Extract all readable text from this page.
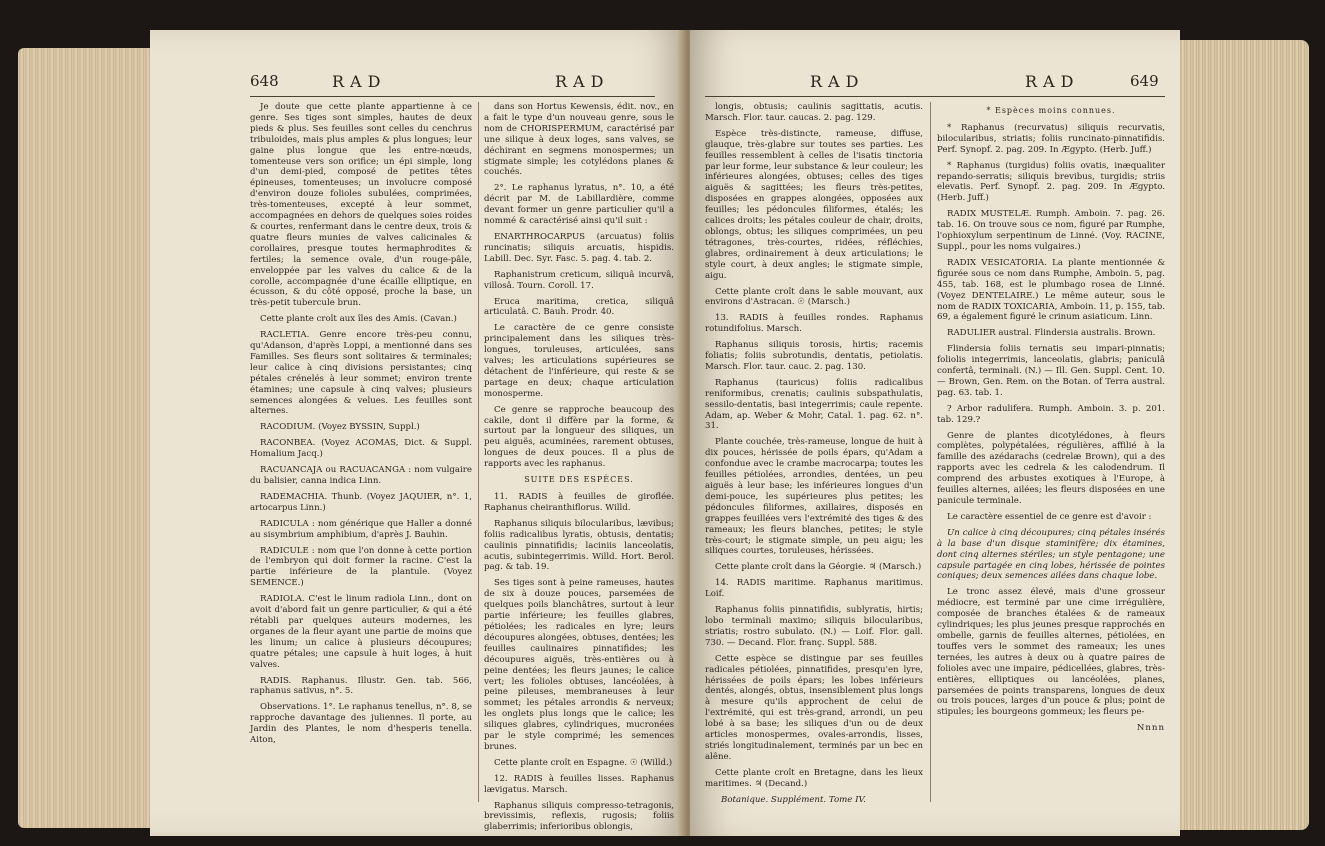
648	RAD	RAD

Je doute que cette plante appartienne à ce genre. Ses tiges sont simples, hautes de deux pieds & plus. Ses feuilles sont celles du cenchrus tribuloides, mais plus amples & plus longues; leur gaine plus longue que les entre-nœuds, tomenteuse vers son orifice; un épi simple, long d'un demi-pied, composé de petites têtes épineuses, tomenteuses; un involucre composé d'environ douze folioles subulées, comprimées, très-tomenteuses, excepté à leur sommet, accompagnées en dehors de quelques soies roides & courtes, renfermant dans le centre deux, trois & quatre fleurs munies de valves calicinales & corollaires, presque toutes hermaphrodites & fertiles; la semence ovale, d'un rouge-pâle, enveloppée par les valves du calice & de la corolle, accompagnée d'une écaille elliptique, en écusson, & du côté opposé, proche la base, un très-petit tubercule brun.

Cette plante croît aux îles des Amis. (Cavan.)

RACLETIA. Genre encore très-peu connu, qu'Adanson, d'après Loppi, a mentionné dans ses Familles. Ses fleurs sont solitaires & terminales; leur calice à cinq divisions persistantes; cinq pétales crénelés à leur sommet; environ trente étamines; une capsule à cinq valves; plusieurs semences alongées & velues. Les feuilles sont alternes.

RACODIUM. (Voyez BYSSIN, Suppl.)

RACONBEA. (Voyez ACOMAS, Dict. & Suppl. Homalium Jacq.)

RACUANCAJA ou RACUACANGA : nom vulgaire du balisier, canna indica Linn.

RADEMACHIA. Thunb. (Voyez JAQUIER, n°. 1, artocarpus Linn.)

RADICULA : nom générique que Haller a donné au sisymbrium amphibium, d'après J. Bauhin.

RADICULE : nom que l'on donne à cette portion de l'embryon qui doit former la racine. C'est la partie inférieure de la plantule. (Voyez SEMENCE.)

RADIOLA. C'est le linum radiola Linn., dont on avoit d'abord fait un genre particulier, & qui a été rétabli par quelques auteurs modernes, les organes de la fleur ayant une partie de moins que les linum; un calice à plusieurs découpures; quatre pétales; une capsule à huit loges, à huit valves.

RADIS. Raphanus. Illustr. Gen. tab. 566, raphanus sativus, n°. 5.

Observations. 1°. Le raphanus tenellus, n°. 8, se rapproche davantage des juliennes. Il porte, au Jardin des Plantes, le nom d'hesperis tenella. Aiton,

dans son Hortus Kewensis, édit. nov., en a fait le type d'un nouveau genre, sous le nom de CHORISPERMUM, caractérisé par une silique à deux loges, sans valves, se déchirant en segmens monospermes; un stigmate simple; les cotylédons planes & couchés.

2°. Le raphanus lyratus, n°. 10, a été décrit par M. de Labillardière, comme devant former un genre particulier qu'il a nommé & caractérisé ainsi qu'il suit :

ENARTHROCARPUS (arcuatus) foliis runcinatis; siliquis arcuatis, hispidis. Labill. Dec. Syr. Fasc. 5. pag. 4. tab. 2.

Raphanistrum creticum, siliquâ incurvâ, villosâ. Tourn. Coroll. 17.

Eruca maritima, cretica, siliquâ articulatâ. C. Bauh. Prodr. 40.

Le caractère de ce genre consiste principalement dans les siliques très-longues, toruleuses, articulées, sans valves; les articulations supérieures se détachent de l'inférieure, qui reste & se partage en deux; chaque articulation monosperme.

Ce genre se rapproche beaucoup des cakile, dont il diffère par la forme, & surtout par la longueur des siliques, un peu aiguës, acuminées, rarement obtuses, longues de deux pouces. Il a plus de rapports avec les raphanus.

SUITE DES ESPÈCES.

11. RADIS à feuilles de giroflée. Raphanus cheiranthiflorus. Willd.

Raphanus siliquis bilocularibus, lævibus; foliis radicalibus lyratis, obtusis, dentatis; caulinis pinnatifidis; laciniis lanceolatis, acutis, subintegerrimis. Willd. Hort. Berol. pag. & tab. 19.

Ses tiges sont à peine rameuses, hautes de six à douze pouces, parsemées de quelques poils blanchâtres, surtout à leur partie inférieure; les feuilles glabres, pétiolées; les radicales en lyre; leurs découpures alongées, obtuses, dentées; les feuilles caulinaires pinnatifides; les découpures aiguës, très-entières ou à peine dentées; les fleurs jaunes; le calice vert; les folioles obtuses, lancéolées, à peine pileuses, membraneuses à leur sommet; les pétales arrondis & nerveux; les onglets plus longs que le calice; les siliques glabres, cylindriques, mucronées par le style comprimé; les semences brunes.

Cette plante croît en Espagne. ☉ (Willd.)

12. RADIS à feuilles lisses. Raphanus lævigatus. Marsch.

Raphanus siliquis compresso-tetragonis, brevissimis, reflexis, rugosis; foliis glaberrimis; inferioribus oblongis,

RAD	RAD	649

longis, obtusis; caulinis sagittatis, acutis. Marsch. Flor. taur. caucas. 2. pag. 129.

Espèce très-distincte, rameuse, diffuse, glauque, très-glabre sur toutes ses parties. Les feuilles ressemblent à celles de l'isatis tinctoria par leur forme, leur substance & leur couleur; les inférieures alongées, obtuses; celles des tiges aiguës & sagittées; les fleurs très-petites, disposées en grappes alongées, opposées aux feuilles; les pédoncules filiformes, étalés; les calices droits; les pétales couleur de chair, droits, oblongs, obtus; les siliques comprimées, un peu tétragones, très-courtes, ridées, réfléchies, glabres, ordinairement à deux articulations; le style court, à deux angles; le stigmate simple, aigu.

Cette plante croît dans le sable mouvant, aux environs d'Astracan. ☉ (Marsch.)

13. RADIS à feuilles rondes. Raphanus rotundifolius. Marsch.

Raphanus siliquis torosis, hirtis; racemis foliatis; foliis subrotundis, dentatis, petiolatis. Marsch. Flor. taur. cauc. 2. pag. 130.

Raphanus (tauricus) foliis radicalibus reniformibus, crenatis; caulinis subspathulatis, sessilo-dentatis, basi integerrimis; caule repente. Adam, ap. Weber & Mohr, Catal. 1. pag. 62. n°. 31.

Plante couchée, très-rameuse, longue de huit à dix pouces, hérissée de poils épars, qu'Adam a confondue avec le crambe macrocarpa; toutes les feuilles pétiolées, arrondies, dentées, un peu aiguës à leur base; les inférieures longues d'un demi-pouce, les supérieures plus petites; les pédoncules filiformes, axillaires, disposés en grappes feuillées vers l'extrémité des tiges & des rameaux; les fleurs blanches, petites; le style très-court; le stigmate simple, un peu aigu; les siliques courtes, toruleuses, hérissées.

Cette plante croît dans la Géorgie. ♃ (Marsch.)

14. RADIS maritime. Raphanus maritimus. Loif.

Raphanus foliis pinnatifidis, sublyratis, hirtis; lobo terminali maximo; siliquis bilocularibus, striatis; rostro subulato. (N.) — Loif. Flor. gall. 730. — Decand. Flor. franç. Suppl. 588.

Cette espèce se distingue par ses feuilles radicales pétiolées, pinnatifides, presqu'en lyre, hérissées de poils épars; les lobes inférieurs dentés, alongés, obtus, insensiblement plus longs à mesure qu'ils approchent de celui de l'extrémité, qui est très-grand, arrondi, un peu lobé à sa base; les siliques d'un ou de deux articles monospermes, ovales-arrondis, lisses, striés longitudinalement, terminés par un bec en alêne.

Cette plante croît en Bretagne, dans les lieux maritimes. ♃ (Decand.)

Botanique. Supplément. Tome IV.

* Espèces moins connues.

* Raphanus (recurvatus) siliquis recurvatis, bilocularibus, striatis; foliis runcinato-pinnatifidis. Perf. Synopf. 2. pag. 209. In Ægypto. (Herb. Juff.)

* Raphanus (turgidus) foliis ovatis, inæqualiter repando-serratis; siliquis brevibus, turgidis; striis elevatis. Perf. Synopf. 2. pag. 209. In Ægypto. (Herb. Juff.)

RADIX MUSTELÆ. Rumph. Amboin. 7. pag. 26. tab. 16. On trouve sous ce nom, figuré par Rumphe, l'ophioxylum serpentinum de Linné. (Voy. RACINE, Suppl., pour les noms vulgaires.)

RADIX VESICATORIA. La plante mentionnée & figurée sous ce nom dans Rumphe, Amboin. 5, pag. 455, tab. 168, est le plumbago rosea de Linné. (Voyez DENTELAIRE.) Le même auteur, sous le nom de RADIX TOXICARIA, Amboin. 11, p. 155, tab. 69, a également figuré le crinum asiaticum. Linn.

RADULIER austral. Flindersia australis. Brown.

Flindersia foliis ternatis seu impari-pinnatis; foliolis integerrimis, lanceolatis, glabris; paniculâ confertâ, terminali. (N.) — Ill. Gen. Suppl. Cent. 10. — Brown, Gen. Rem. on the Botan. of Terra austral. pag. 63. tab. 1.

? Arbor radulifera. Rumph. Amboin. 3. p. 201. tab. 129.?

Genre de plantes dicotylédones, à fleurs complètes, polypétalées, régulières, affilié à la famille des azédarachs (cedrelæ Brown), qui a des rapports avec les cedrela & les calodendrum. Il comprend des arbustes exotiques à l'Europe, à feuilles alternes, ailées; les fleurs disposées en une panicule terminale.

Le caractère essentiel de ce genre est d'avoir :

Un calice à cinq découpures; cinq pétales insérés à la base d'un disque staminifère; dix étamines, dont cinq alternes stériles; un style pentagone; une capsule partagée en cinq lobes, hérissée de pointes coniques; deux semences ailées dans chaque lobe.

Le tronc assez élevé, mais d'une grosseur médiocre, est terminé par une cime irrégulière, composée de branches étalées & de rameaux cylindriques; les plus jeunes presque rapprochés en ombelle, garnis de feuilles alternes, pétiolées, en touffes vers le sommet des rameaux; les unes ternées, les autres à deux ou à quatre paires de folioles avec une impaire, pédicellées, glabres, très-entières, elliptiques ou lancéolées, planes, parsemées de points transparens, longues de deux ou trois pouces, larges d'un pouce & plus; point de stipules; les bourgeons gommeux; les fleurs pe-

Nnnn
